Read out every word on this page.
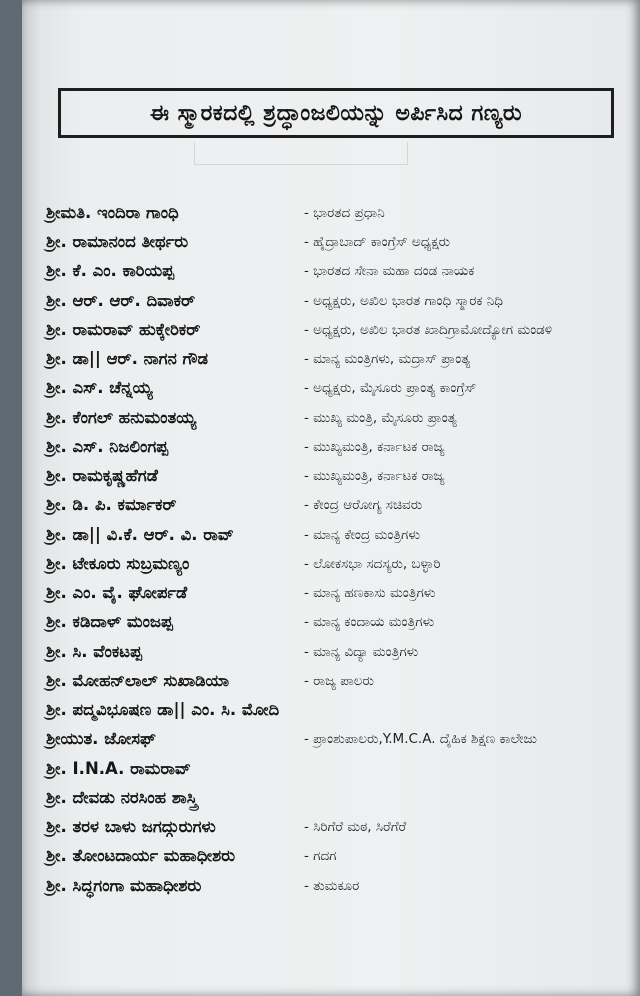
ಈ ಸ್ಮಾರಕದಲ್ಲಿ ಶ್ರದ್ಧಾಂಜಲಿಯನ್ನು ಅರ್ಪಿಸಿದ ಗಣ್ಯರು
ಶ್ರೀಮತಿ. ಇಂದಿರಾ ಗಾಂಧಿ	- ಭಾರತದ ಪ್ರಧಾನಿ
ಶ್ರೀ. ರಾಮಾನಂದ ತೀರ್ಥರು	- ಹೈದ್ರಾಬಾದ್ ಕಾಂಗ್ರೆಸ್ ಅಧ್ಯಕ್ಷರು
ಶ್ರೀ. ಕೆ. ಎಂ. ಕಾರಿಯಪ್ಪ	- ಭಾರತದ ಸೇನಾ ಮಹಾ ದಂಡ ನಾಯಕ
ಶ್ರೀ. ಆರ್. ಆರ್. ದಿವಾಕರ್	- ಅಧ್ಯಕ್ಷರು, ಅಖಿಲ ಭಾರತ ಗಾಂಧಿ ಸ್ಮಾರಕ ನಿಧಿ
ಶ್ರೀ. ರಾಮರಾವ್ ಹುಕ್ಕೇರಿಕರ್	- ಅಧ್ಯಕ್ಷರು, ಅಖಿಲ ಭಾರತ ಖಾದಿಗ್ರಾಮೋದ್ಯೋಗ ಮಂಡಳಿ
ಶ್ರೀ. ಡಾ|| ಆರ್. ನಾಗನ ಗೌಡ	- ಮಾನ್ಯ ಮಂತ್ರಿಗಳು, ಮದ್ರಾಸ್ ಪ್ರಾಂತ್ಯ
ಶ್ರೀ. ಎಸ್. ಚೆನ್ನಯ್ಯ	- ಅಧ್ಯಕ್ಷರು, ಮೈಸೂರು ಪ್ರಾಂತ್ಯ ಕಾಂಗ್ರೆಸ್
ಶ್ರೀ. ಕೆಂಗಲ್ ಹನುಮಂತಯ್ಯ	- ಮುಖ್ಯ ಮಂತ್ರಿ, ಮೈಸೂರು ಪ್ರಾಂತ್ಯ
ಶ್ರೀ. ಎಸ್. ನಿಜಲಿಂಗಪ್ಪ	- ಮುಖ್ಯಮಂತ್ರಿ, ಕರ್ನಾಟಕ ರಾಜ್ಯ
ಶ್ರೀ. ರಾಮಕೃಷ್ಣಹೆಗಡೆ	- ಮುಖ್ಯಮಂತ್ರಿ, ಕರ್ನಾಟಕ ರಾಜ್ಯ
ಶ್ರೀ. ಡಿ. ಪಿ. ಕರ್ಮಾಕರ್	- ಕೇಂದ್ರ ಆರೋಗ್ಯ ಸಚಿವರು
ಶ್ರೀ. ಡಾ|| ವಿ.ಕೆ. ಆರ್. ವಿ. ರಾವ್	- ಮಾನ್ಯ ಕೇಂದ್ರ ಮಂತ್ರಿಗಳು
ಶ್ರೀ. ಟೇಕೂರು ಸುಬ್ರಮಣ್ಯಂ	- ಲೋಕಸಭಾ ಸದಸ್ಯರು, ಬಳ್ಳಾರಿ
ಶ್ರೀ. ಎಂ. ವೈ. ಘೋರ್ಪಡೆ	- ಮಾನ್ಯ ಹಣಕಾಸು ಮಂತ್ರಿಗಳು
ಶ್ರೀ. ಕಡಿದಾಳ್ ಮಂಜಪ್ಪ	- ಮಾನ್ಯ ಕಂದಾಯ ಮಂತ್ರಿಗಳು
ಶ್ರೀ. ಸಿ. ವೆಂಕಟಪ್ಪ	- ಮಾನ್ಯ ವಿದ್ಯಾ ಮಂತ್ರಿಗಳು
ಶ್ರೀ. ಮೋಹನ್‌ಲಾಲ್ ಸುಖಾಡಿಯಾ	- ರಾಜ್ಯ ಪಾಲರು
ಶ್ರೀ. ಪದ್ಮವಿಭೂಷಣ ಡಾ|| ಎಂ. ಸಿ. ಮೋದಿ
ಶ್ರೀಯುತ. ಜೋಸಫ್	- ಪ್ರಾಂಶುಪಾಲರು,Y.M.C.A. ದೈಹಿಕ ಶಿಕ್ಷಣ ಕಾಲೇಜು
ಶ್ರೀ. I.N.A. ರಾಮರಾವ್
ಶ್ರೀ. ದೇವಡು ನರಸಿಂಹ ಶಾಸ್ತ್ರಿ
ಶ್ರೀ. ತರಳ ಬಾಳು ಜಗದ್ಗುರುಗಳು	- ಸಿರಿಗೆರೆ ಮಠ, ಸಿರೆಗೆರೆ
ಶ್ರೀ. ತೋಂಟದಾರ್ಯ ಮಹಾಧೀಶರು	- ಗದಗ
ಶ್ರೀ. ಸಿದ್ಧಗಂಗಾ ಮಹಾಧೀಶರು	- ತುಮಕೂರ
